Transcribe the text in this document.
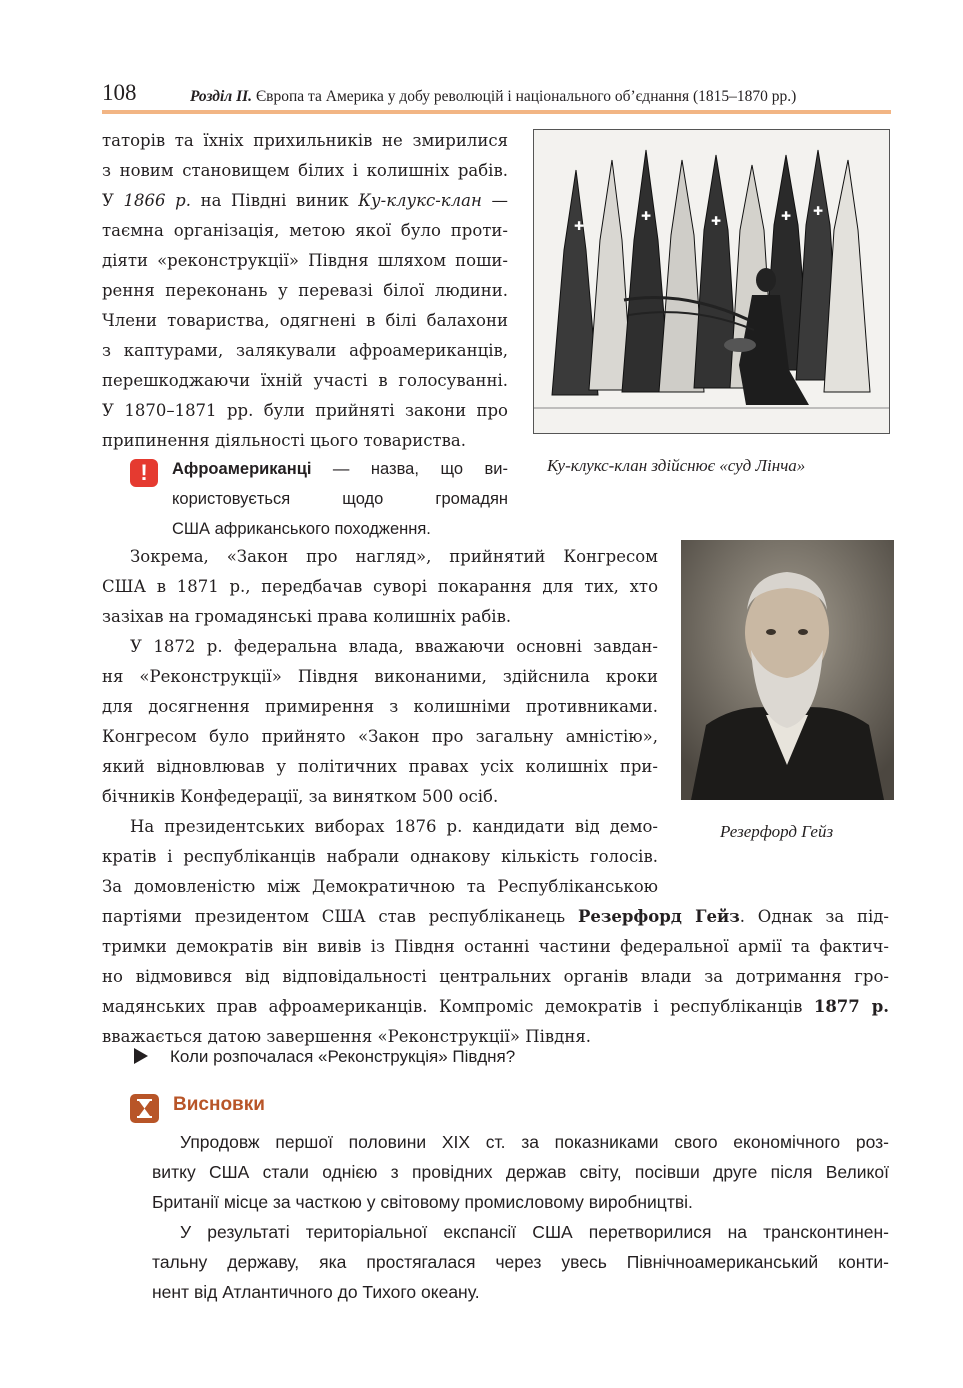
108	Розділ ІІ. Європа та Америка у добу революцій і національного об’єднання (1815–1870 рр.)

таторів та їхніх прихильників не змирилися

з новим становищем білих і колишніх рабів.

У 1866 р. на Півдні виник Ку-клукс-клан —

таємна організація, метою якої було проти-

діяти «реконструкції» Півдня шляхом поши-

рення переконань у перевазі білої людини.

Члени товариства, одягнені в білі балахони

з каптурами, залякували афроамериканців,

перешкоджаючи їхній участі в голосуванні.

У 1870–1871 рр. були прийняті закони про

припинення діяльності цього товариства.

✚
✚	✚	✚ ✚
Ку-клукс-клан здійснює «суд Лінча»
!	Афроамериканці — назва, що ви-

користовується щодо громадян

США африканського походження.

Резерфорд Гейз

Зокрема, «Закон про нагляд», прийнятий Конгресом

США в 1871 р., передбачав суворі покарання для тих, хто

зазіхав на громадянські права колишніх рабів.

У 1872 р. федеральна влада, вважаючи основні завдан-

ня «Реконструкції» Півдня виконаними, здійснила кроки

для досягнення примирення з колишніми противниками.

Конгресом було прийнято «Закон про загальну амністію»,

який відновлював у політичних правах усіх колишніх при-

бічників Конфедерації, за винятком 500 осіб.

На президентських виборах 1876 р. кандидати від демо-

кратів і республіканців набрали однакову кількість голосів.

За домовленістю між Демократичною та Республіканською

партіями президентом США став республіканець Резерфорд Гейз. Однак за під-

тримки демократів він вивів із Півдня останні частини федеральної армії та фактич-

но відмовився від відповідальності центральних органів влади за дотримання гро-

мадянських прав афроамериканців. Компроміс демократів і республіканців 1877 р.

вважається датою завершення «Реконструкції» Півдня.

Коли розпочалася «Реконструкція» Півдня?
Висновки

Упродовж першої половини ХІХ ст. за показниками свого економічного роз-

витку США стали однією з провідних держав світу, посівши друге після Великої

Британії місце за часткою у світовому промисловому виробництві.

У результаті територіальної експансії США перетворилися на трансконтинен-

тальну державу, яка простягалася через увесь Північноамериканський конти-

нент від Атлантичного до Тихого океану.
